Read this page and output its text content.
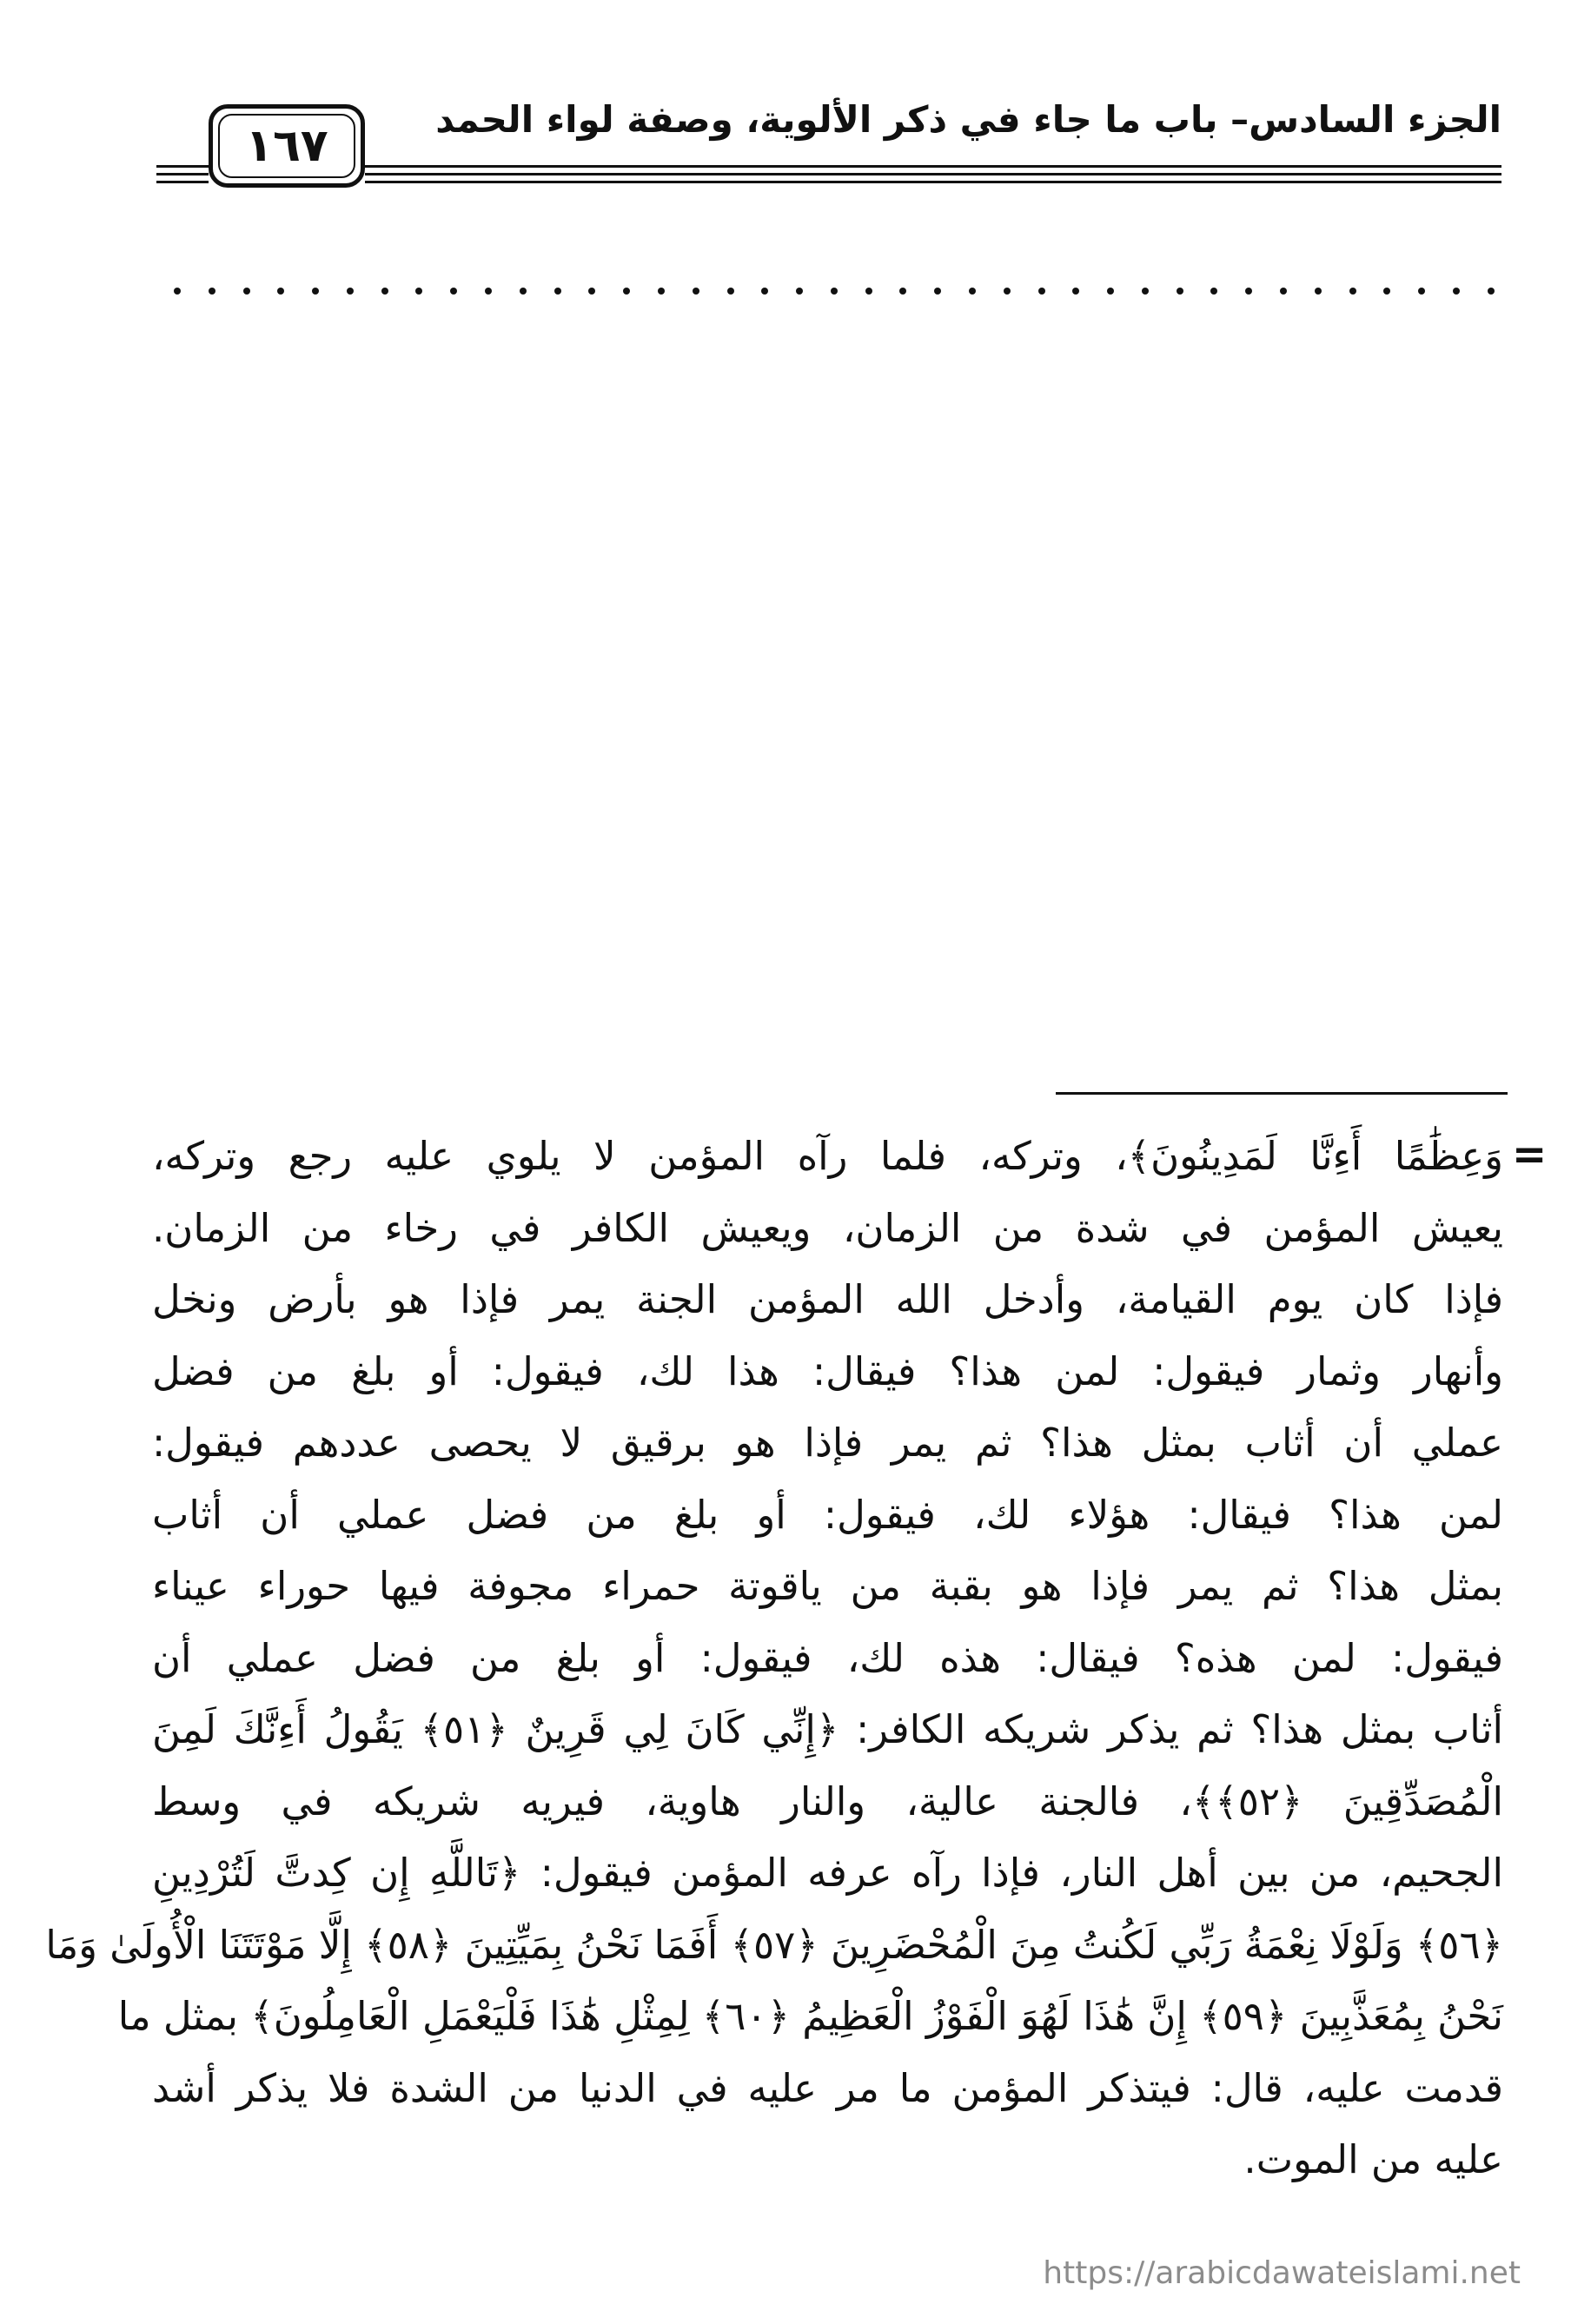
الجزء السادس– باب ما جاء في ذكر الألوية، وصفة لواء الحمد
١٦٧
=
وَعِظَٰمًا أَءِنَّا لَمَدِينُونَ﴾، وتركه، فلما رآه المؤمن لا يلوي عليه رجع وتركه،
يعيش المؤمن في شدة من الزمان، ويعيش الكافر في رخاء من الزمان.
فإذا كان يوم القيامة، وأدخل الله المؤمن الجنة يمر فإذا هو بأرض ونخل
وأنهار وثمار فيقول: لمن هذا؟ فيقال: هذا لك، فيقول: أو بلغ من فضل
عملي أن أثاب بمثل هذا؟ ثم يمر فإذا هو برقيق لا يحصى عددهم فيقول:
لمن هذا؟ فيقال: هؤلاء لك، فيقول: أو بلغ من فضل عملي أن أثاب
بمثل هذا؟ ثم يمر فإذا هو بقبة من ياقوتة حمراء مجوفة فيها حوراء عيناء
فيقول: لمن هذه؟ فيقال: هذه لك، فيقول: أو بلغ من فضل عملي أن
أثاب بمثل هذا؟ ثم يذكر شريكه الكافر: ﴿إِنِّي كَانَ لِي قَرِينٌ ﴿٥١﴾ يَقُولُ أَءِنَّكَ لَمِنَ
الْمُصَدِّقِينَ ﴿٥٢﴾﴾، فالجنة عالية، والنار هاوية، فيريه شريكه في وسط
الجحيم، من بين أهل النار، فإذا رآه عرفه المؤمن فيقول: ﴿تَاللَّهِ إِن كِدتَّ لَتُرْدِينِ
﴿٥٦﴾ وَلَوْلَا نِعْمَةُ رَبِّي لَكُنتُ مِنَ الْمُحْضَرِينَ ﴿٥٧﴾ أَفَمَا نَحْنُ بِمَيِّتِينَ ﴿٥٨﴾ إِلَّا مَوْتَتَنَا الْأُولَىٰ وَمَا
نَحْنُ بِمُعَذَّبِينَ ﴿٥٩﴾ إِنَّ هَٰذَا لَهُوَ الْفَوْزُ الْعَظِيمُ ﴿٦٠﴾ لِمِثْلِ هَٰذَا فَلْيَعْمَلِ الْعَامِلُونَ﴾ بمثل ما
قدمت عليه، قال: فيتذكر المؤمن ما مر عليه في الدنيا من الشدة فلا يذكر أشد
عليه من الموت.
https://arabicdawateislami.net
